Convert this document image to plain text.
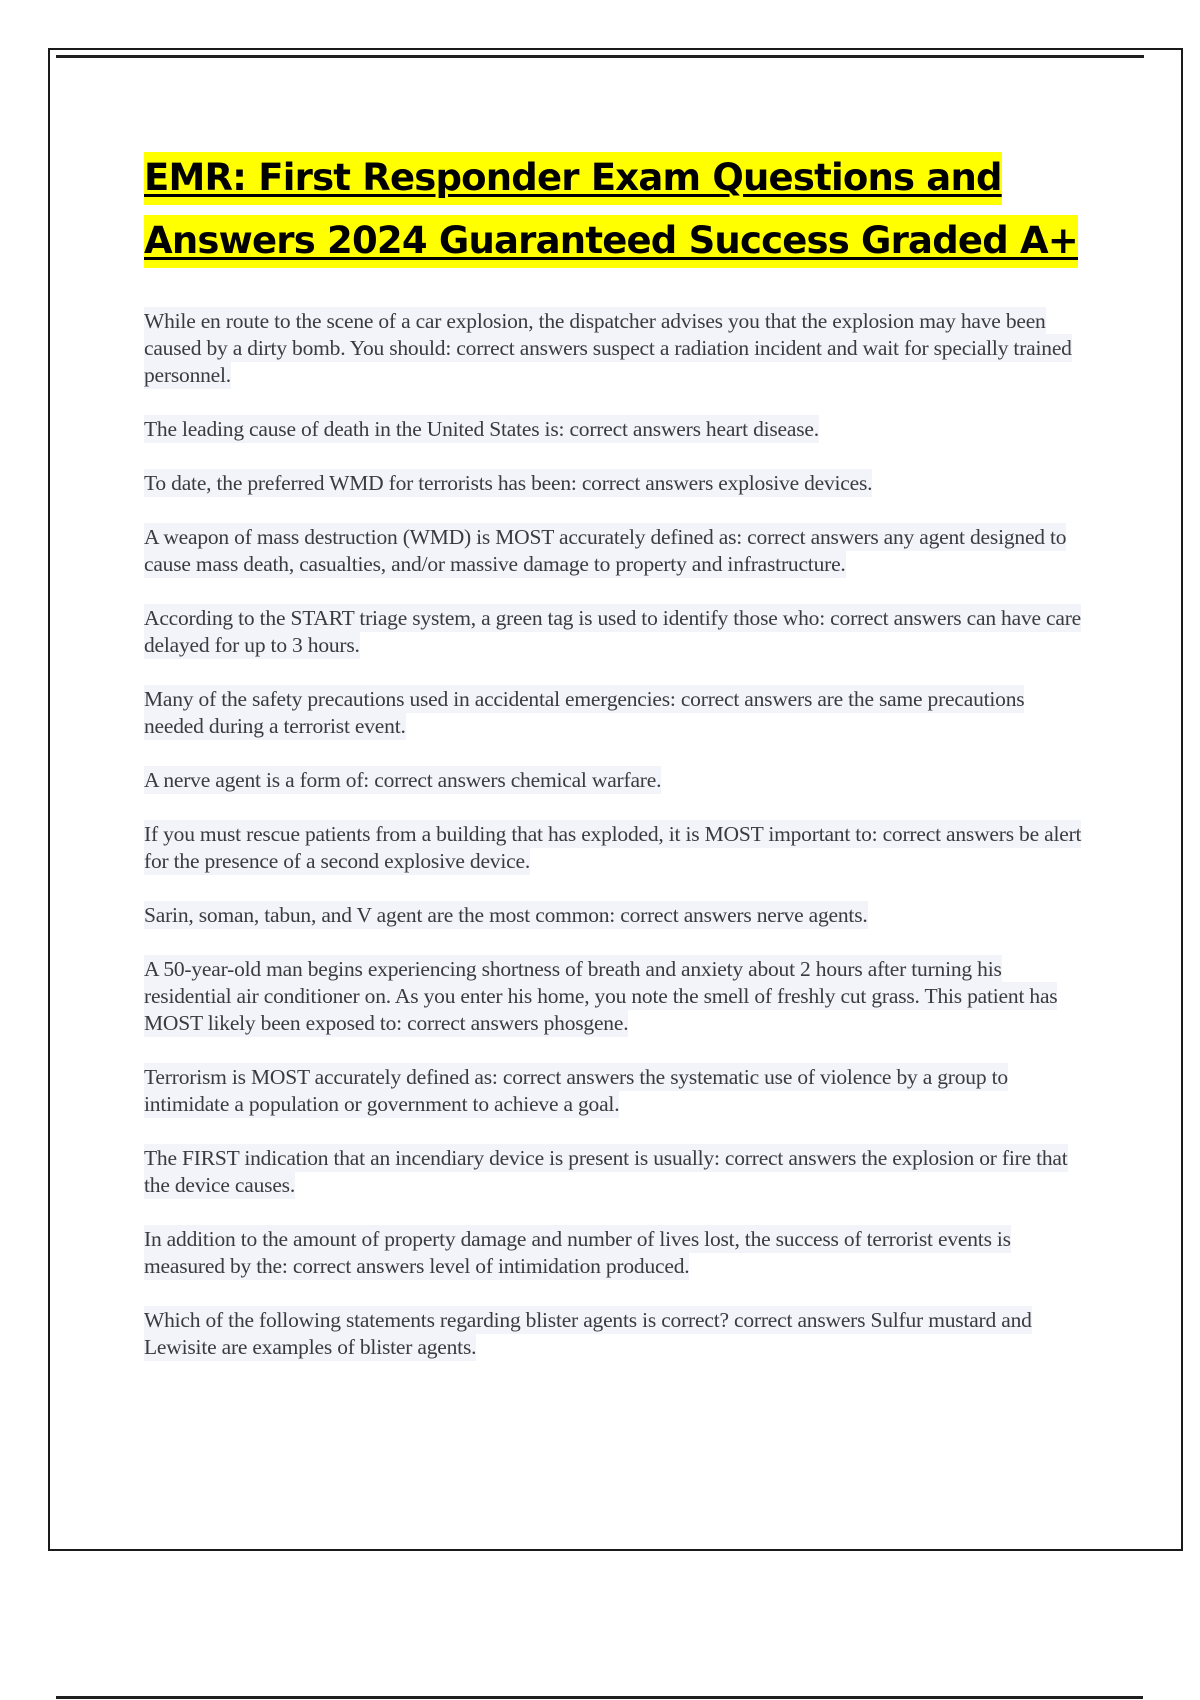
EMR: First Responder Exam Questions and Answers 2024 Guaranteed Success Graded A+

While en route to the scene of a car explosion, the dispatcher advises you that the explosion may have been caused by a dirty bomb. You should: correct answers suspect a radiation incident and wait for specially trained personnel.

The leading cause of death in the United States is: correct answers heart disease.

To date, the preferred WMD for terrorists has been: correct answers explosive devices.

A weapon of mass destruction (WMD) is MOST accurately defined as: correct answers any agent designed to cause mass death, casualties, and/or massive damage to property and infrastructure.

According to the START triage system, a green tag is used to identify those who: correct answers can have care delayed for up to 3 hours.

Many of the safety precautions used in accidental emergencies: correct answers are the same precautions needed during a terrorist event.

A nerve agent is a form of: correct answers chemical warfare.

If you must rescue patients from a building that has exploded, it is MOST important to: correct answers be alert for the presence of a second explosive device.

Sarin, soman, tabun, and V agent are the most common: correct answers nerve agents.

A 50-year-old man begins experiencing shortness of breath and anxiety about 2 hours after turning his residential air conditioner on. As you enter his home, you note the smell of freshly cut grass. This patient has MOST likely been exposed to: correct answers phosgene.

Terrorism is MOST accurately defined as: correct answers the systematic use of violence by a group to intimidate a population or government to achieve a goal.

The FIRST indication that an incendiary device is present is usually: correct answers the explosion or fire that the device causes.

In addition to the amount of property damage and number of lives lost, the success of terrorist events is measured by the: correct answers level of intimidation produced.

Which of the following statements regarding blister agents is correct? correct answers Sulfur mustard and Lewisite are examples of blister agents.
